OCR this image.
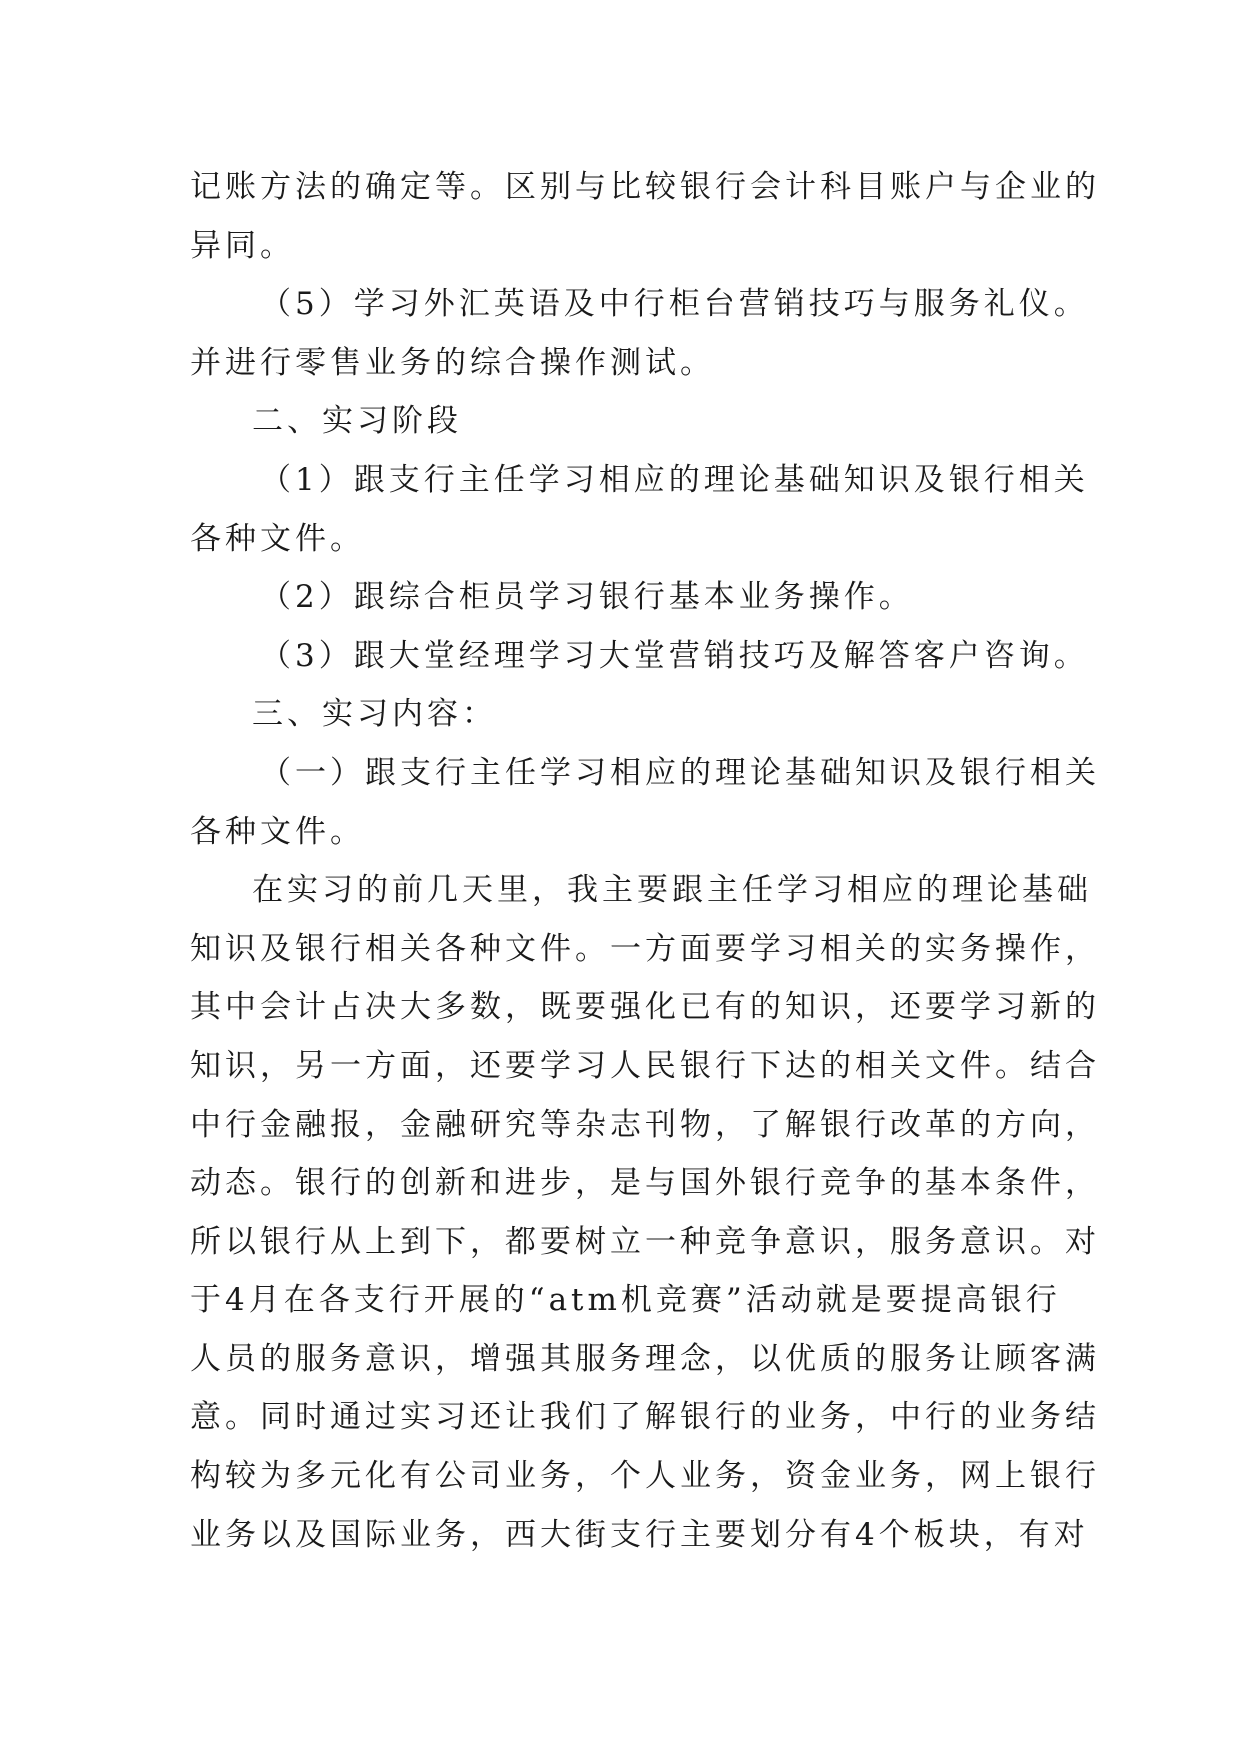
记账方法的确定等。区别与比较银行会计科目账户与企业的
异同。
（5）学习外汇英语及中行柜台营销技巧与服务礼仪。
并进行零售业务的综合操作测试。
二、实习阶段
（1）跟支行主任学习相应的理论基础知识及银行相关
各种文件。
（2）跟综合柜员学习银行基本业务操作。
（3）跟大堂经理学习大堂营销技巧及解答客户咨询。
三、实习内容：
（一）跟支行主任学习相应的理论基础知识及银行相关
各种文件。
在实习的前几天里，我主要跟主任学习相应的理论基础
知识及银行相关各种文件。一方面要学习相关的实务操作，
其中会计占决大多数，既要强化已有的知识，还要学习新的
知识，另一方面，还要学习人民银行下达的相关文件。结合
中行金融报，金融研究等杂志刊物，了解银行改革的方向，
动态。银行的创新和进步，是与国外银行竞争的基本条件，
所以银行从上到下，都要树立一种竞争意识，服务意识。对
于4月在各支行开展的“atm机竞赛”活动就是要提高银行
人员的服务意识，增强其服务理念，以优质的服务让顾客满
意。同时通过实习还让我们了解银行的业务，中行的业务结
构较为多元化有公司业务，个人业务，资金业务，网上银行
业务以及国际业务，西大街支行主要划分有4个板块，有对
